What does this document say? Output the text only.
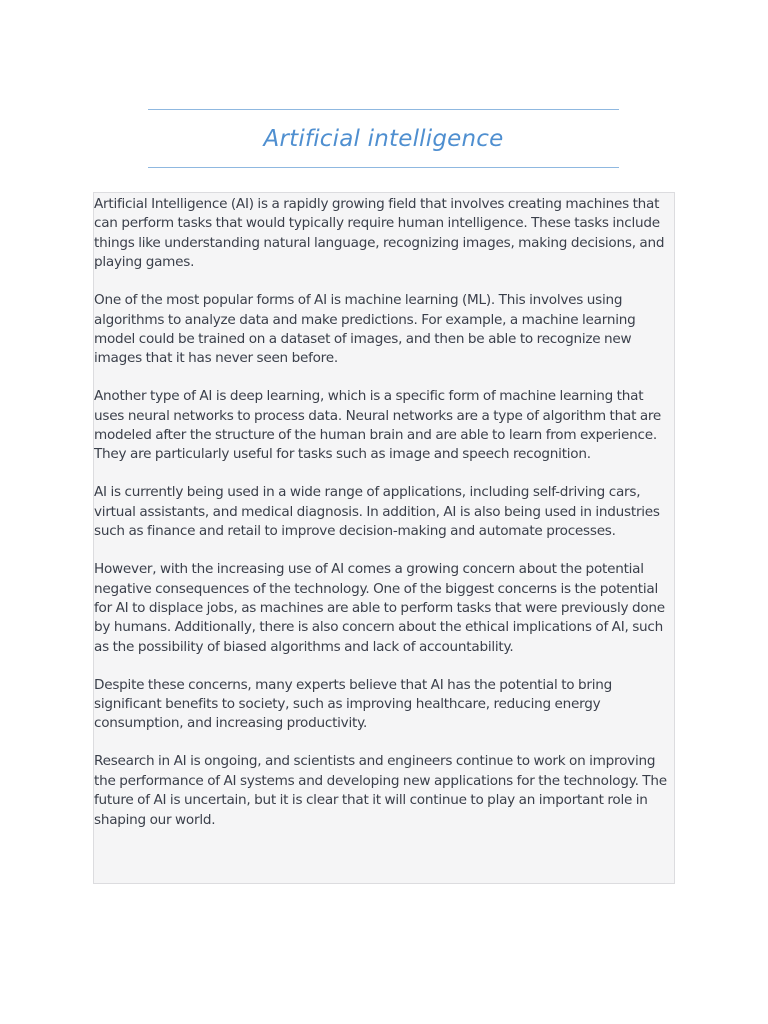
Artificial intelligence

Artificial Intelligence (AI) is a rapidly growing field that involves creating machines that can perform tasks that would typically require human intelligence. These tasks include things like understanding natural language, recognizing images, making decisions, and playing games.

One of the most popular forms of AI is machine learning (ML). This involves using algorithms to analyze data and make predictions. For example, a machine learning model could be trained on a dataset of images, and then be able to recognize new images that it has never seen before.

Another type of AI is deep learning, which is a specific form of machine learning that uses neural networks to process data. Neural networks are a type of algorithm that are modeled after the structure of the human brain and are able to learn from experience. They are particularly useful for tasks such as image and speech recognition.

AI is currently being used in a wide range of applications, including self-driving cars, virtual assistants, and medical diagnosis. In addition, AI is also being used in industries such as finance and retail to improve decision-making and automate processes.

However, with the increasing use of AI comes a growing concern about the potential negative consequences of the technology. One of the biggest concerns is the potential for AI to displace jobs, as machines are able to perform tasks that were previously done by humans. Additionally, there is also concern about the ethical implications of AI, such as the possibility of biased algorithms and lack of accountability.

Despite these concerns, many experts believe that AI has the potential to bring significant benefits to society, such as improving healthcare, reducing energy consumption, and increasing productivity.

Research in AI is ongoing, and scientists and engineers continue to work on improving the performance of AI systems and developing new applications for the technology. The future of AI is uncertain, but it is clear that it will continue to play an important role in shaping our world.
